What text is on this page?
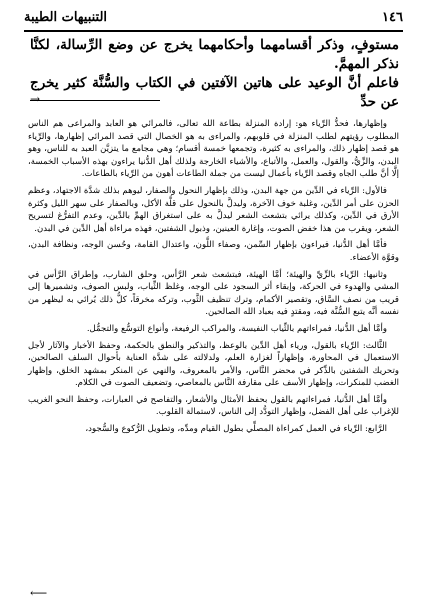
١٤٦
التنبيهات الطيبة
مستوفٍ، وذكر أقسامهما وأحكامهما يخرج عن وضع الرِّسالة، لكنَّا نذكر المهمَّ.
فاعلم أنَّ الوعيد على هاتين الآفتين في الكتاب والسُّنَّة كثير يخرج عن حدِّ
→

وإظهارها، فحدُّ الرِّياء هو: إرادة المنزلة بطاعة الله تعالى، فالمرائي هو العابد والمراعى هم الناس المطلوب رؤيتهم لطلب المنزلة في قلوبهم، والمراءى به هو الخصال التي قصد المرائي إظهارها، والرِّياء هو قصد إظهار ذلك، والمراءى به كثيرة، وتجمعها خمسة أقسام؛ وهي مجامع ما يتزيَّن العبد به للناس، وهو البدن، والزِّيُّ، والقول، والعمل، والأتباع، والأشياء الخارجة ولذلك أهل الدُّنيا يراءون بهذه الأسباب الخمسة، إلَّا أنَّ طلب الجاه وقصد الرِّياء بأعمال ليست من جملة الطاعات أهون من الرِّياء بالطاعات.

فالأول: الرِّياء في الدِّين من جهة البدن، وذلك بإظهار النحول والصفار، ليوهم بذلك شدَّة الاجتهاد، وعظم الحزن على أمر الدِّين، وغلبة خوف الآخرة، وليدلَّ بالنحول على قلَّة الأكل، وبالصفار على سهر الليل وكثرة الأرق في الدِّين، وكذلك يرائي بتشعث الشعر ليدلَّ به على استغراق الهمِّ بالدِّين، وعدم التفرُّغ لتسريح الشعر، ويقرب من هذا خفض الصوت، وإغارة العينين، وذبول الشفتين، فهذه مراءاة أهل الدِّين في البدن.

فأمَّا أهل الدُّنيا، فيراءون بإظهار السِّمن، وصفاء اللَّون، واعتدال القامة، وحُسن الوجه، ونظافة البدن، وقوَّة الأعضاء.

وثانيها: الرِّياء بالزِّيِّ والهيئة؛ أمَّا الهيئة، فبتشعث شعر الرَّأس، وحلق الشارب، وإطراق الرَّأس في المشي والهدوء في الحركة، وإبقاء أثر السجود على الوجه، وغلظ الثِّياب، ولبس الصوف، وتشميرها إلى قريب من نصف السَّاق، وتقصير الأكمام، وترك تنظيف الثَّوب، وتركه مخرقاً، كلُّ ذلك يُرائي به ليظهر من نفسه أنَّه يتبع السُّنَّة فيه، ومقتدٍ فيه بعباد الله الصالحين.

وأمَّا أهل الدُّنيا، فمراءاتهم بالثِّياب النفيسة، والمراكب الرفيعة، وأنواع التوسُّع والتجمُّل.

الثَّالث: الرِّياء بالقول، ورياء أهل الدِّين بالوعظ، والتذكير والنطق بالحكمة، وحفظ الأخبار والآثار لأجل الاستعمال في المحاورة، وإظهاراً لغزارة العلم، ولدلالته على شدَّة العناية بأحوال السلف الصالحين، وتحريك الشفتين بالذِّكر في محضر النَّاس، والأمر بالمعروف، والنهي عن المنكر بمشهد الخلق، وإظهار الغضب للمنكرات، وإظهار الأسف على مقارفة النَّاس بالمعاصي، وتضعيف الصوت في الكلام.

وأمَّا أهل الدُّنيا، فمراءاتهم بالقول بحفظ الأمثال والأشعار، والتفاصح في العبارات، وحفظ النحو الغريب للإغراب على أهل الفضل، وإظهار التودُّد إلى الناس، لاستمالة القلوب.

الرَّابع: الرِّياء في العمل كمراءاة المصلِّي بطول القيام ومدِّه، وتطويل الرُّكوع والسُّجود،

⟵
